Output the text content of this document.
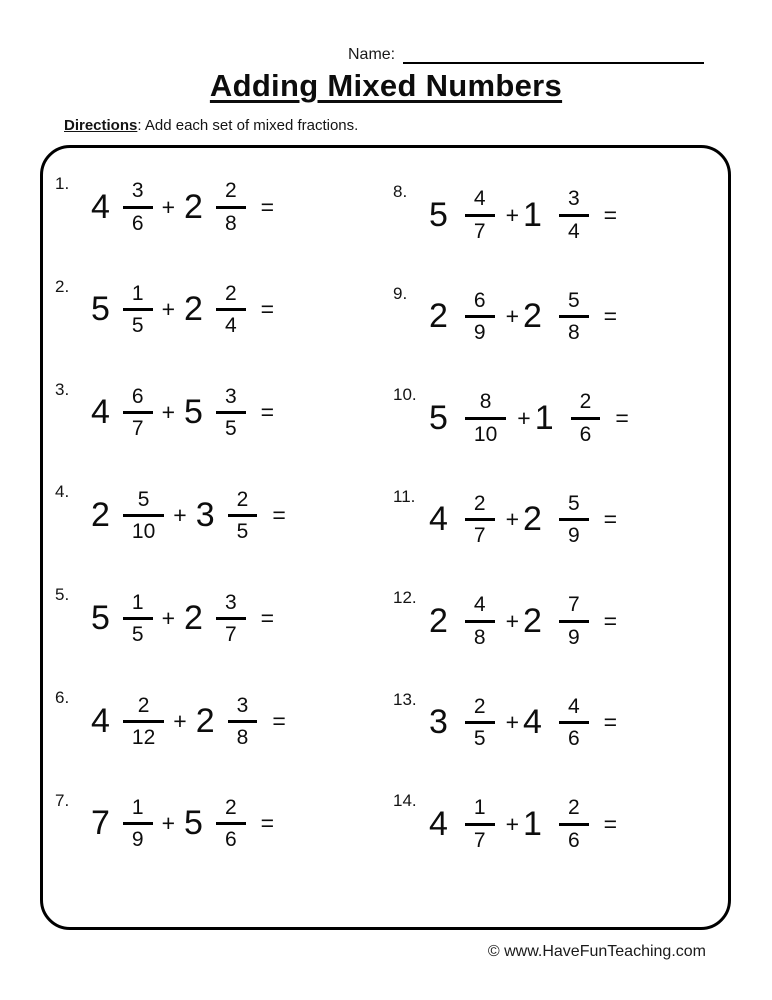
Name:
Adding Mixed Numbers

Directions: Add each set of mixed fractions.

1.
$4 \frac{3}{6} + 2 \frac{2}{8}$ =
2.
$5 \frac{1}{5} + 2 \frac{2}{4}$ =
3.
$4 \frac{6}{7} + 5 \frac{3}{5}$ =
4.
$2 \frac{5}{10} + 3 \frac{2}{5}$ =
5.
$5 \frac{1}{5} + 2 \frac{3}{7}$ =
6.
$4 \frac{2}{12} + 2 \frac{3}{8}$ =
7.
$7 \frac{1}{9} + 5 \frac{2}{6}$ =
8.
$5 \frac{4}{7} + 1 \frac{3}{4}$ =
9.
$2 \frac{6}{9} + 2 \frac{5}{8}$ =
10.
$5 \frac{8}{10} + 1 \frac{2}{6}$ =
11.
$4 \frac{2}{7} + 2 \frac{5}{9}$ =
12.
$2 \frac{4}{8} + 2 \frac{7}{9}$ =
13.
$3 \frac{2}{5} + 4 \frac{4}{6}$ =
14.
$4 \frac{1}{7} + 1 \frac{2}{6}$ =
© www.HaveFunTeaching.com
